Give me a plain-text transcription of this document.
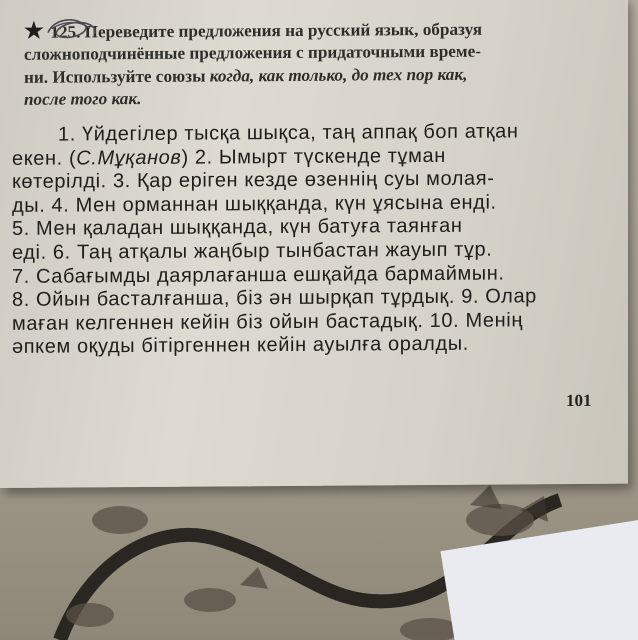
★ 125. Переведите предложения на русский язык, образуя
сложноподчинённые предложения с придаточными време-
ни. Используйте союзы когда, как только, до тех пор как,
после того как.
1. Үйдегілер тысқа шықса, таң аппақ боп атқан
екен. (С.Мұқанов) 2. Ымырт түскенде тұман
көтерілді. 3. Қар еріген кезде өзеннің суы молая-
ды. 4. Мен орманнан шыққанда, күн ұясына енді.
5. Мен қаладан шыққанда, күн батуға таянған
еді. 6. Таң атқалы жаңбыр тынбастан жауып тұр.
7. Сабағымды даярлағанша ешқайда бармаймын.
8. Ойын басталғанша, біз ән шырқап тұрдық. 9. Олар
маған келгеннен кейін біз ойын бастадық. 10. Менің
әпкем оқуды бітіргеннен кейін ауылға оралды.
101
